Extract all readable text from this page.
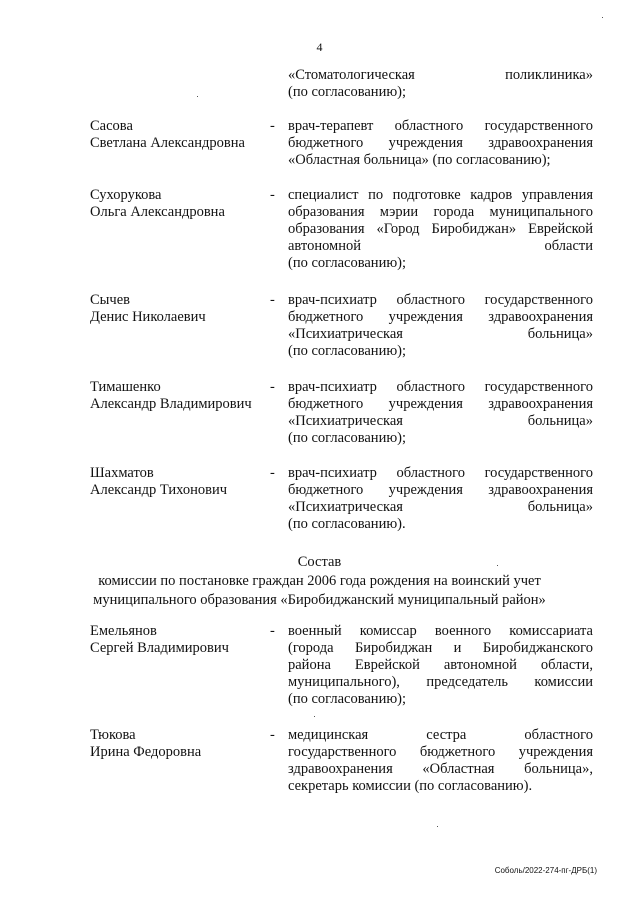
4
«Стоматологическая поликлиника»
(по согласованию);
Сасова
Светлана Александровна
- врач-терапевт областного государственного
бюджетного учреждения здравоохранения
«Областная больница» (по согласованию);
Сухорукова
Ольга Александровна
- специалист по подготовке кадров управления
образования мэрии города муниципального
образования «Город Биробиджан» Еврейской
автономной области
(по согласованию);
Сычев
Денис Николаевич
- врач-психиатр областного государственного
бюджетного учреждения здравоохранения
«Психиатрическая больница»
(по согласованию);
Тимашенко
Александр Владимирович
- врач-психиатр областного государственного
бюджетного учреждения здравоохранения
«Психиатрическая больница»
(по согласованию);
Шахматов
Александр Тихонович
- врач-психиатр областного государственного
бюджетного учреждения здравоохранения
«Психиатрическая больница»
(по согласованию).
Состав
комиссии по постановке граждан 2006 года рождения на воинский учет
муниципального образования «Биробиджанский муниципальный район»
Емельянов
Сергей Владимирович
- военный комиссар военного комиссариата
(города Биробиджан и Биробиджанского
района Еврейской автономной области,
муниципального), председатель комиссии
(по согласованию);
Тюкова
Ирина Федоровна
- медицинская сестра областного
государственного бюджетного учреждения
здравоохранения «Областная больница»,
секретарь комиссии (по согласованию).
Соболь/2022-274-пг-ДРБ(1)
